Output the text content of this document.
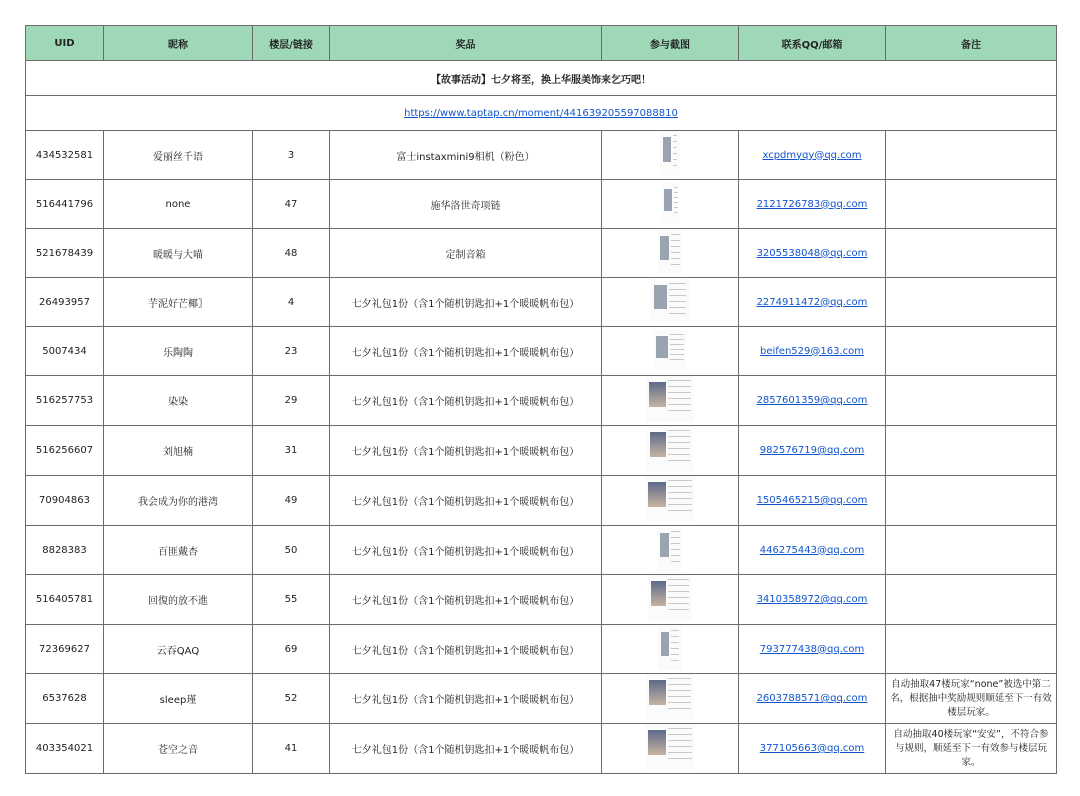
UID	昵称	楼层/链接	奖品	参与截图	联系QQ/邮箱	备注
【故事活动】七夕将至，换上华服美饰来乞巧吧！						
https://www.taptap.cn/moment/441639205597088810						
434532581	爱丽丝千语	3	富士instaxmini9相机（粉色）		xcpdmyqy@qq.com	
516441796	none	47	施华洛世奇项链		2121726783@qq.com	
521678439	暖暖与大喵	48	定制音箱		3205538048@qq.com	
26493957	芋泥好芒椰〗	4	七夕礼包1份（含1个随机钥匙扣+1个暖暖帆布包）		2274911472@qq.com	
5007434	乐陶陶	23	七夕礼包1份（含1个随机钥匙扣+1个暖暖帆布包）		beifen529@163.com	
516257753	染染	29	七夕礼包1份（含1个随机钥匙扣+1个暖暖帆布包）		2857601359@qq.com	
516256607	刘旭楠	31	七夕礼包1份（含1个随机钥匙扣+1个暖暖帆布包）		982576719@qq.com	
70904863	我会成为你的港湾	49	七夕礼包1份（含1个随机钥匙扣+1个暖暖帆布包）		1505465215@qq.com	
8828383	百匪戴杏	50	七夕礼包1份（含1个随机钥匙扣+1个暖暖帆布包）		446275443@qq.com	
516405781	回復的放不進	55	七夕礼包1份（含1个随机钥匙扣+1个暖暖帆布包）		3410358972@qq.com	
72369627	云吞QAQ	69	七夕礼包1份（含1个随机钥匙扣+1个暖暖帆布包）		793777438@qq.com	
6537628	sleep瑾	52	七夕礼包1份（含1个随机钥匙扣+1个暖暖帆布包）		2603788571@qq.com	自动抽取47楼玩家“none”被选中第二名，根据抽中奖励规则顺延至下一有效楼层玩家。
403354021	苍空之音	41	七夕礼包1份（含1个随机钥匙扣+1个暖暖帆布包）		377105663@qq.com	自动抽取40楼玩家“安安”，不符合参与规则，顺延至下一有效参与楼层玩家。
